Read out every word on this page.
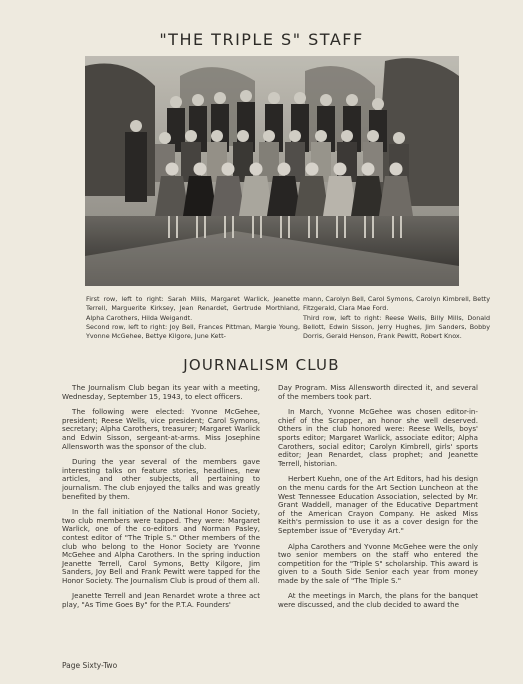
"THE TRIPLE S" STAFF

First row, left to right: Sarah Mills, Margaret Warlick, Jeanette Terrell, Marguerite Kirksey, Jean Renardet, Gertrude Morthland, Alpha Carothers, Hilda Weigandt.

Second row, left to right: Joy Bell, Frances Pittman, Margie Young, Yvonne McGehee, Bettye Kilgore, June Kett-

mann, Carolyn Bell, Carol Symons, Carolyn Kimbrell, Betty Fitzgerald, Clara Mae Ford.

Third row, left to right: Reese Wells, Billy Mills, Donald Bellott, Edwin Sisson, Jerry Hughes, Jim Sanders, Bobby Dorris, Gerald Henson, Frank Pewitt, Robert Knox.

JOURNALISM CLUB

The Journalism Club began its year with a meeting, Wednesday, September 15, 1943, to elect officers.

The following were elected: Yvonne McGehee, president; Reese Wells, vice president; Carol Symons, secretary; Alpha Carothers, treasurer; Margaret Warlick and Edwin Sisson, sergeant-at-arms. Miss Josephine Allensworth was the sponsor of the club.

During the year several of the members gave interesting talks on feature stories, headlines, new articles, and other subjects, all pertaining to journalism. The club enjoyed the talks and was greatly benefited by them.

In the fall initiation of the National Honor Society, two club members were tapped. They were: Margaret Warlick, one of the co-editors and Norman Pasley, contest editor of "The Triple S." Other members of the club who belong to the Honor Society are Yvonne McGehee and Alpha Carothers. In the spring induction Jeanette Terrell, Carol Symons, Betty Kilgore, Jim Sanders, Joy Bell and Frank Pewitt were tapped for the Honor Society. The Journalism Club is proud of them all.

Jeanette Terrell and Jean Renardet wrote a three act play, "As Time Goes By" for the P.T.A. Founders'

Day Program. Miss Allensworth directed it, and several of the members took part.

In March, Yvonne McGehee was chosen editor-in-chief of the Scrapper, an honor she well deserved. Others in the club honored were: Reese Wells, boys' sports editor; Margaret Warlick, associate editor; Alpha Carothers, social editor; Carolyn Kimbrell, girls' sports editor; Jean Renardet, class prophet; and Jeanette Terrell, historian.

Herbert Kuehn, one of the Art Editors, had his design on the menu cards for the Art Section Luncheon at the West Tennessee Education Association, selected by Mr. Grant Waddell, manager of the Educative Department of the American Crayon Company. He asked Miss Keith's permission to use it as a cover design for the September issue of "Everyday Art."

Alpha Carothers and Yvonne McGehee were the only two senior members on the staff who entered the competition for the "Triple S" scholarship. This award is given to a South Side Senior each year from money made by the sale of "The Triple S."

At the meetings in March, the plans for the banquet were discussed, and the club decided to award the

Page Sixty-Two
